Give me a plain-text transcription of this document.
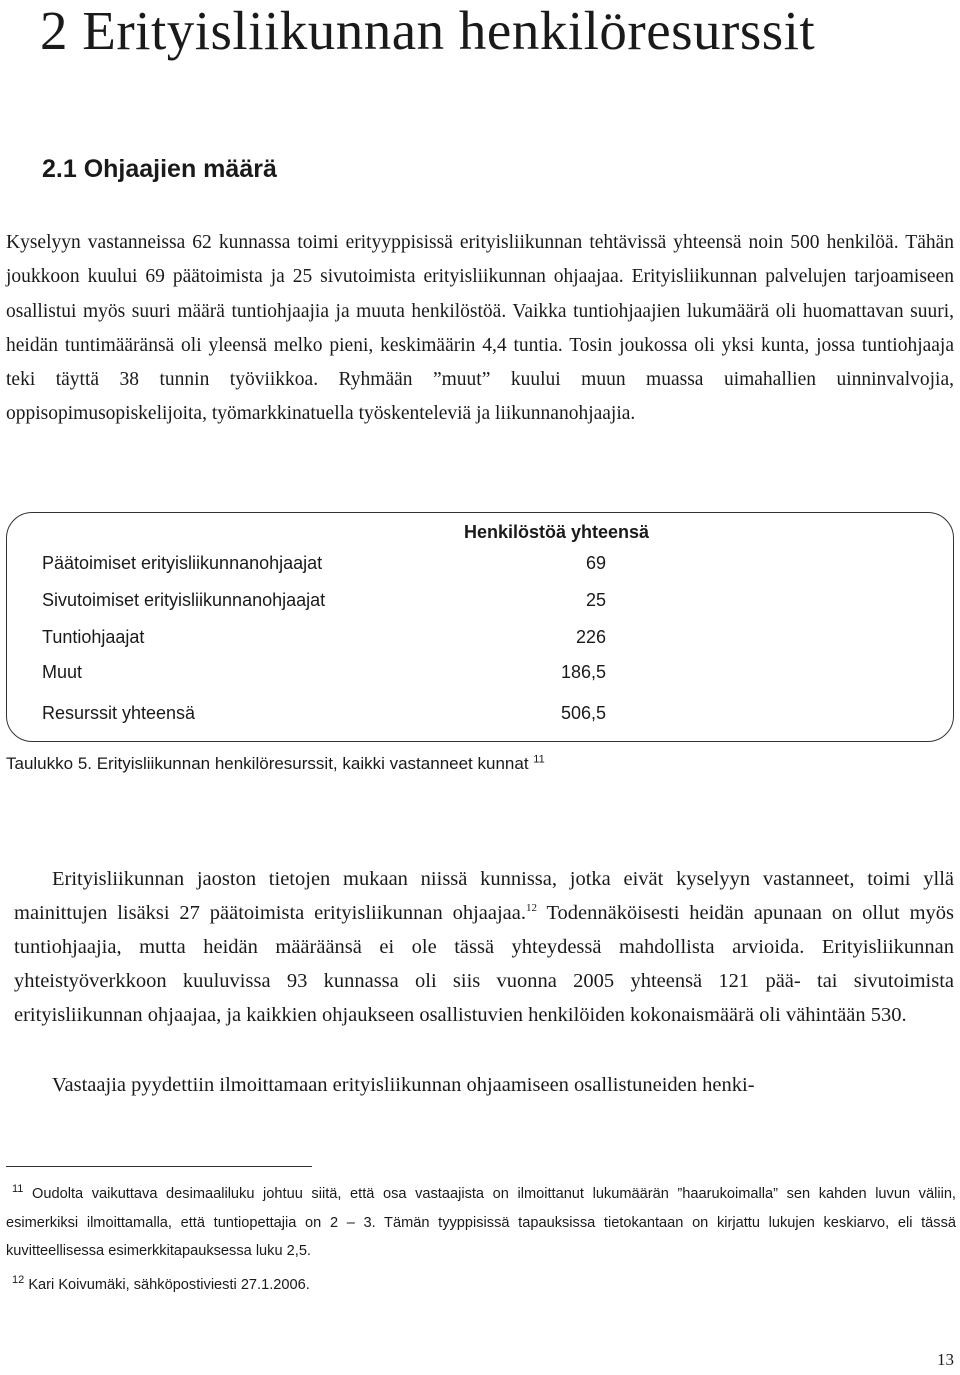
2 Erityisliikunnan henkilöresurssit
2.1 Ohjaajien määrä

Kyselyyn vastanneissa 62 kunnassa toimi erityyppisissä erityisliikunnan tehtävissä yhteensä noin 500 henkilöä. Tähän joukkoon kuului 69 päätoimista ja 25 sivutoimista erityisliikunnan ohjaajaa. Erityisliikunnan palvelujen tarjoamiseen osallistui myös suuri määrä tuntiohjaajia ja muuta henkilöstöä. Vaikka tuntiohjaajien lukumäärä oli huomattavan suuri, heidän tuntimääränsä oli yleensä melko pieni, keskimäärin 4,4 tuntia. Tosin joukossa oli yksi kunta, jossa tuntiohjaaja teki täyttä 38 tunnin työviikkoa. Ryhmään ”muut” kuului muun muassa uimahallien uinninvalvojia, oppisopimusopiskelijoita, työmarkkinatuella työskenteleviä ja liikunnanohjaajia.

Henkilöstöä yhteensä
Päätoimiset erityisliikunnanohjaajat	69
Sivutoimiset erityisliikunnanohjaajat	25
Tuntiohjaajat	226
Muut	186,5
Resurssit yhteensä	506,5
Taulukko 5. Erityisliikunnan henkilöresurssit, kaikki vastanneet kunnat $^{11}$

Erityisliikunnan jaoston tietojen mukaan niissä kunnissa, jotka eivät kyselyyn vastanneet, toimi yllä mainittujen lisäksi 27 päätoimista erityisliikunnan ohjaajaa.$^{12}$ Todennäköisesti heidän apunaan on ollut myös tuntiohjaajia, mutta heidän määräänsä ei ole tässä yhteydessä mahdollista arvioida. Erityisliikunnan yhteistyöverkkoon kuuluvissa 93 kunnassa oli siis vuonna 2005 yhteensä 121 pää- tai sivutoimista erityisliikunnan ohjaajaa, ja kaikkien ohjaukseen osallistuvien henkilöiden kokonaismäärä oli vähintään 530.

Vastaajia pyydettiin ilmoittamaan erityisliikunnan ohjaamiseen osallistuneiden henki-

$^{11}$ Oudolta vaikuttava desimaaliluku johtuu siitä, että osa vastaajista on ilmoittanut lukumäärän ”haarukoimalla” sen kahden luvun väliin, esimerkiksi ilmoittamalla, että tuntiopettajia on 2 – 3. Tämän tyyppisissä tapauksissa tietokantaan on kirjattu lukujen keskiarvo, eli tässä kuvitteellisessa esimerkkitapauksessa luku 2,5.

$^{12}$ Kari Koivumäki, sähköpostiviesti 27.1.2006.

13
